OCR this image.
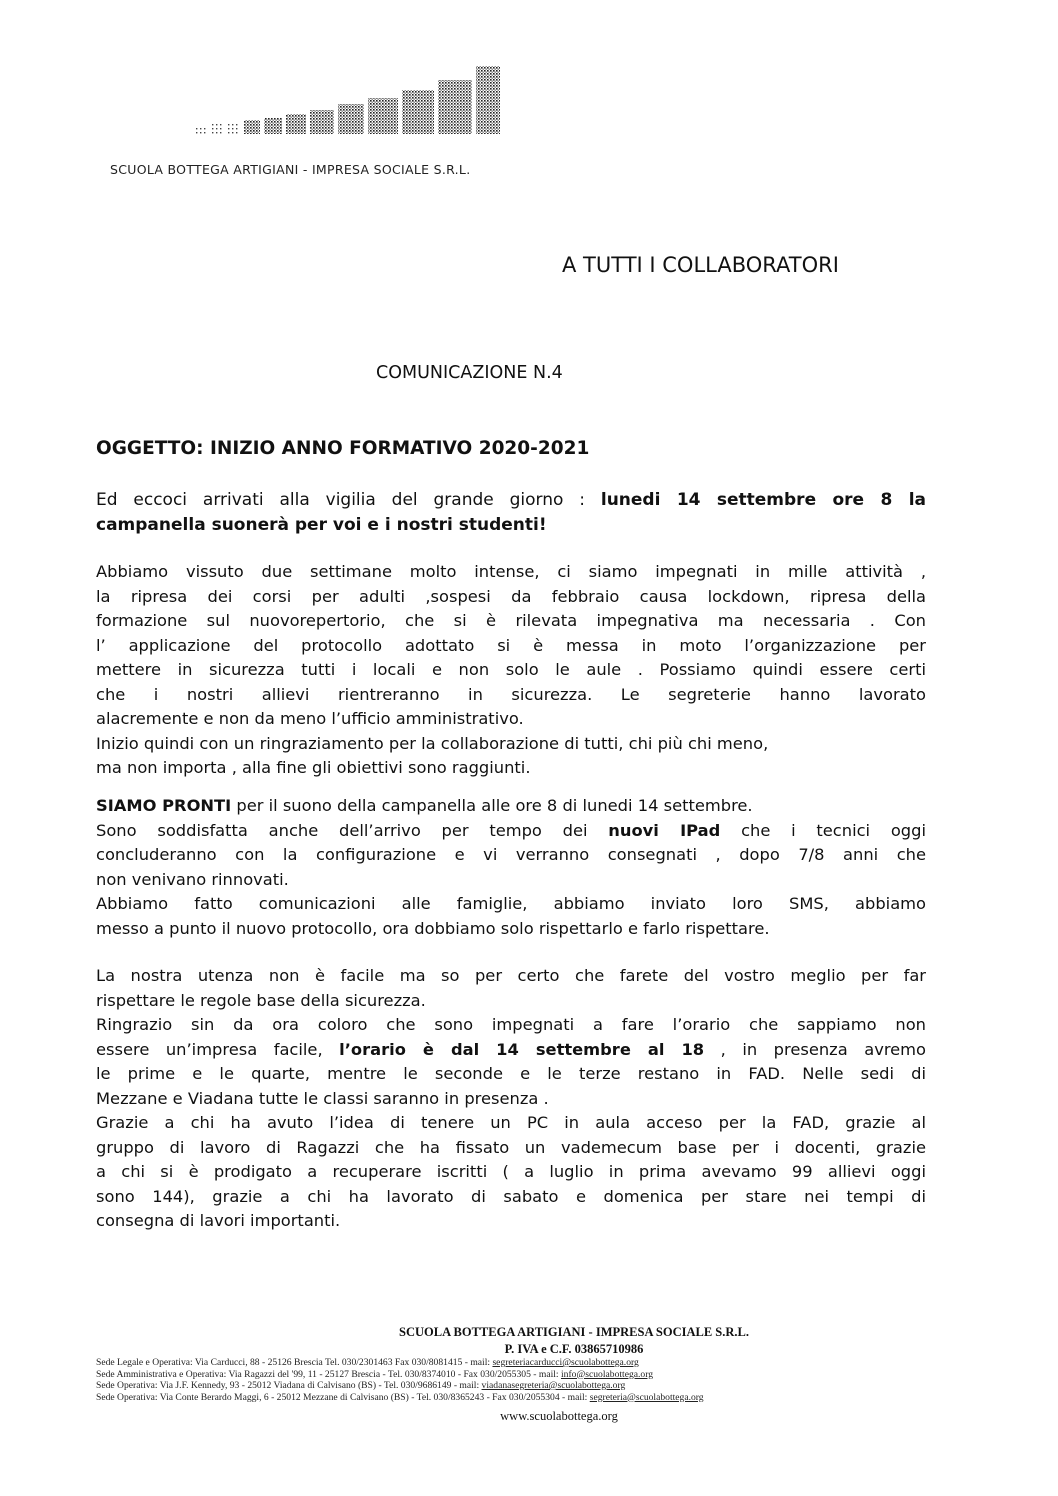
SCUOLA BOTTEGA ARTIGIANI - IMPRESA SOCIALE S.R.L.
A TUTTI I COLLABORATORI
COMUNICAZIONE N.4
OGGETTO: INIZIO ANNO FORMATIVO 2020-2021
Ed eccoci arrivati alla vigilia del grande giorno : lunedi 14 settembre ore 8 la
campanella suonerà per voi e i nostri studenti!
Abbiamo vissuto due settimane molto intense, ci siamo impegnati in mille attività ,
la ripresa dei corsi per adulti ,sospesi da febbraio causa lockdown, ripresa della
formazione sul nuovorepertorio, che si è rilevata impegnativa ma necessaria . Con
l’ applicazione del protocollo adottato si è messa in moto l’organizzazione per
mettere in sicurezza tutti i locali e non solo le aule . Possiamo quindi essere certi
che i nostri allievi rientreranno in sicurezza. Le segreterie hanno lavorato
alacremente e non da meno l’ufficio amministrativo.
Inizio quindi con un ringraziamento per la collaborazione di tutti, chi più chi meno,
ma non importa , alla fine gli obiettivi sono raggiunti.
SIAMO PRONTI per il suono della campanella alle ore 8 di lunedi 14 settembre.
Sono soddisfatta anche dell’arrivo per tempo dei nuovi IPad che i tecnici oggi
concluderanno con la configurazione e vi verranno consegnati , dopo 7/8 anni che
non venivano rinnovati.
Abbiamo fatto comunicazioni alle famiglie, abbiamo inviato loro SMS, abbiamo
messo a punto il nuovo protocollo, ora dobbiamo solo rispettarlo e farlo rispettare.
La nostra utenza non è facile ma so per certo che farete del vostro meglio per far
rispettare le regole base della sicurezza.
Ringrazio sin da ora coloro che sono impegnati a fare l’orario che sappiamo non
essere un’impresa facile, l’orario è dal 14 settembre al 18 , in presenza avremo
le prime e le quarte, mentre le seconde e le terze restano in FAD. Nelle sedi di
Mezzane e Viadana tutte le classi saranno in presenza .
Grazie a chi ha avuto l’idea di tenere un PC in aula acceso per la FAD, grazie al
gruppo di lavoro di Ragazzi che ha fissato un vademecum base per i docenti, grazie
a chi si è prodigato a recuperare iscritti ( a luglio in prima avevamo 99 allievi oggi
sono 144), grazie a chi ha lavorato di sabato e domenica per stare nei tempi di
consegna di lavori importanti.
SCUOLA BOTTEGA ARTIGIANI - IMPRESA SOCIALE S.R.L.
P. IVA e C.F. 03865710986
Sede Legale e Operativa: Via Carducci, 88 - 25126 Brescia Tel. 030/2301463 Fax 030/8081415 - mail: segreteriacarducci@scuolabottega.org
Sede Amministrativa e Operativa: Via Ragazzi del '99, 11 - 25127 Brescia - Tel. 030/8374010 - Fax 030/2055305 - mail: info@scuolabottega.org
Sede Operativa: Via J.F. Kennedy, 93 - 25012 Viadana di Calvisano (BS) - Tel. 030/9686149 - mail: viadanasegreteria@scuolabottega.org
Sede Operativa: Via Conte Berardo Maggi, 6 - 25012 Mezzane di Calvisano (BS) - Tel. 030/8365243 - Fax 030/2055304 - mail: segreteria@scuolabottega.org
www.scuolabottega.org
